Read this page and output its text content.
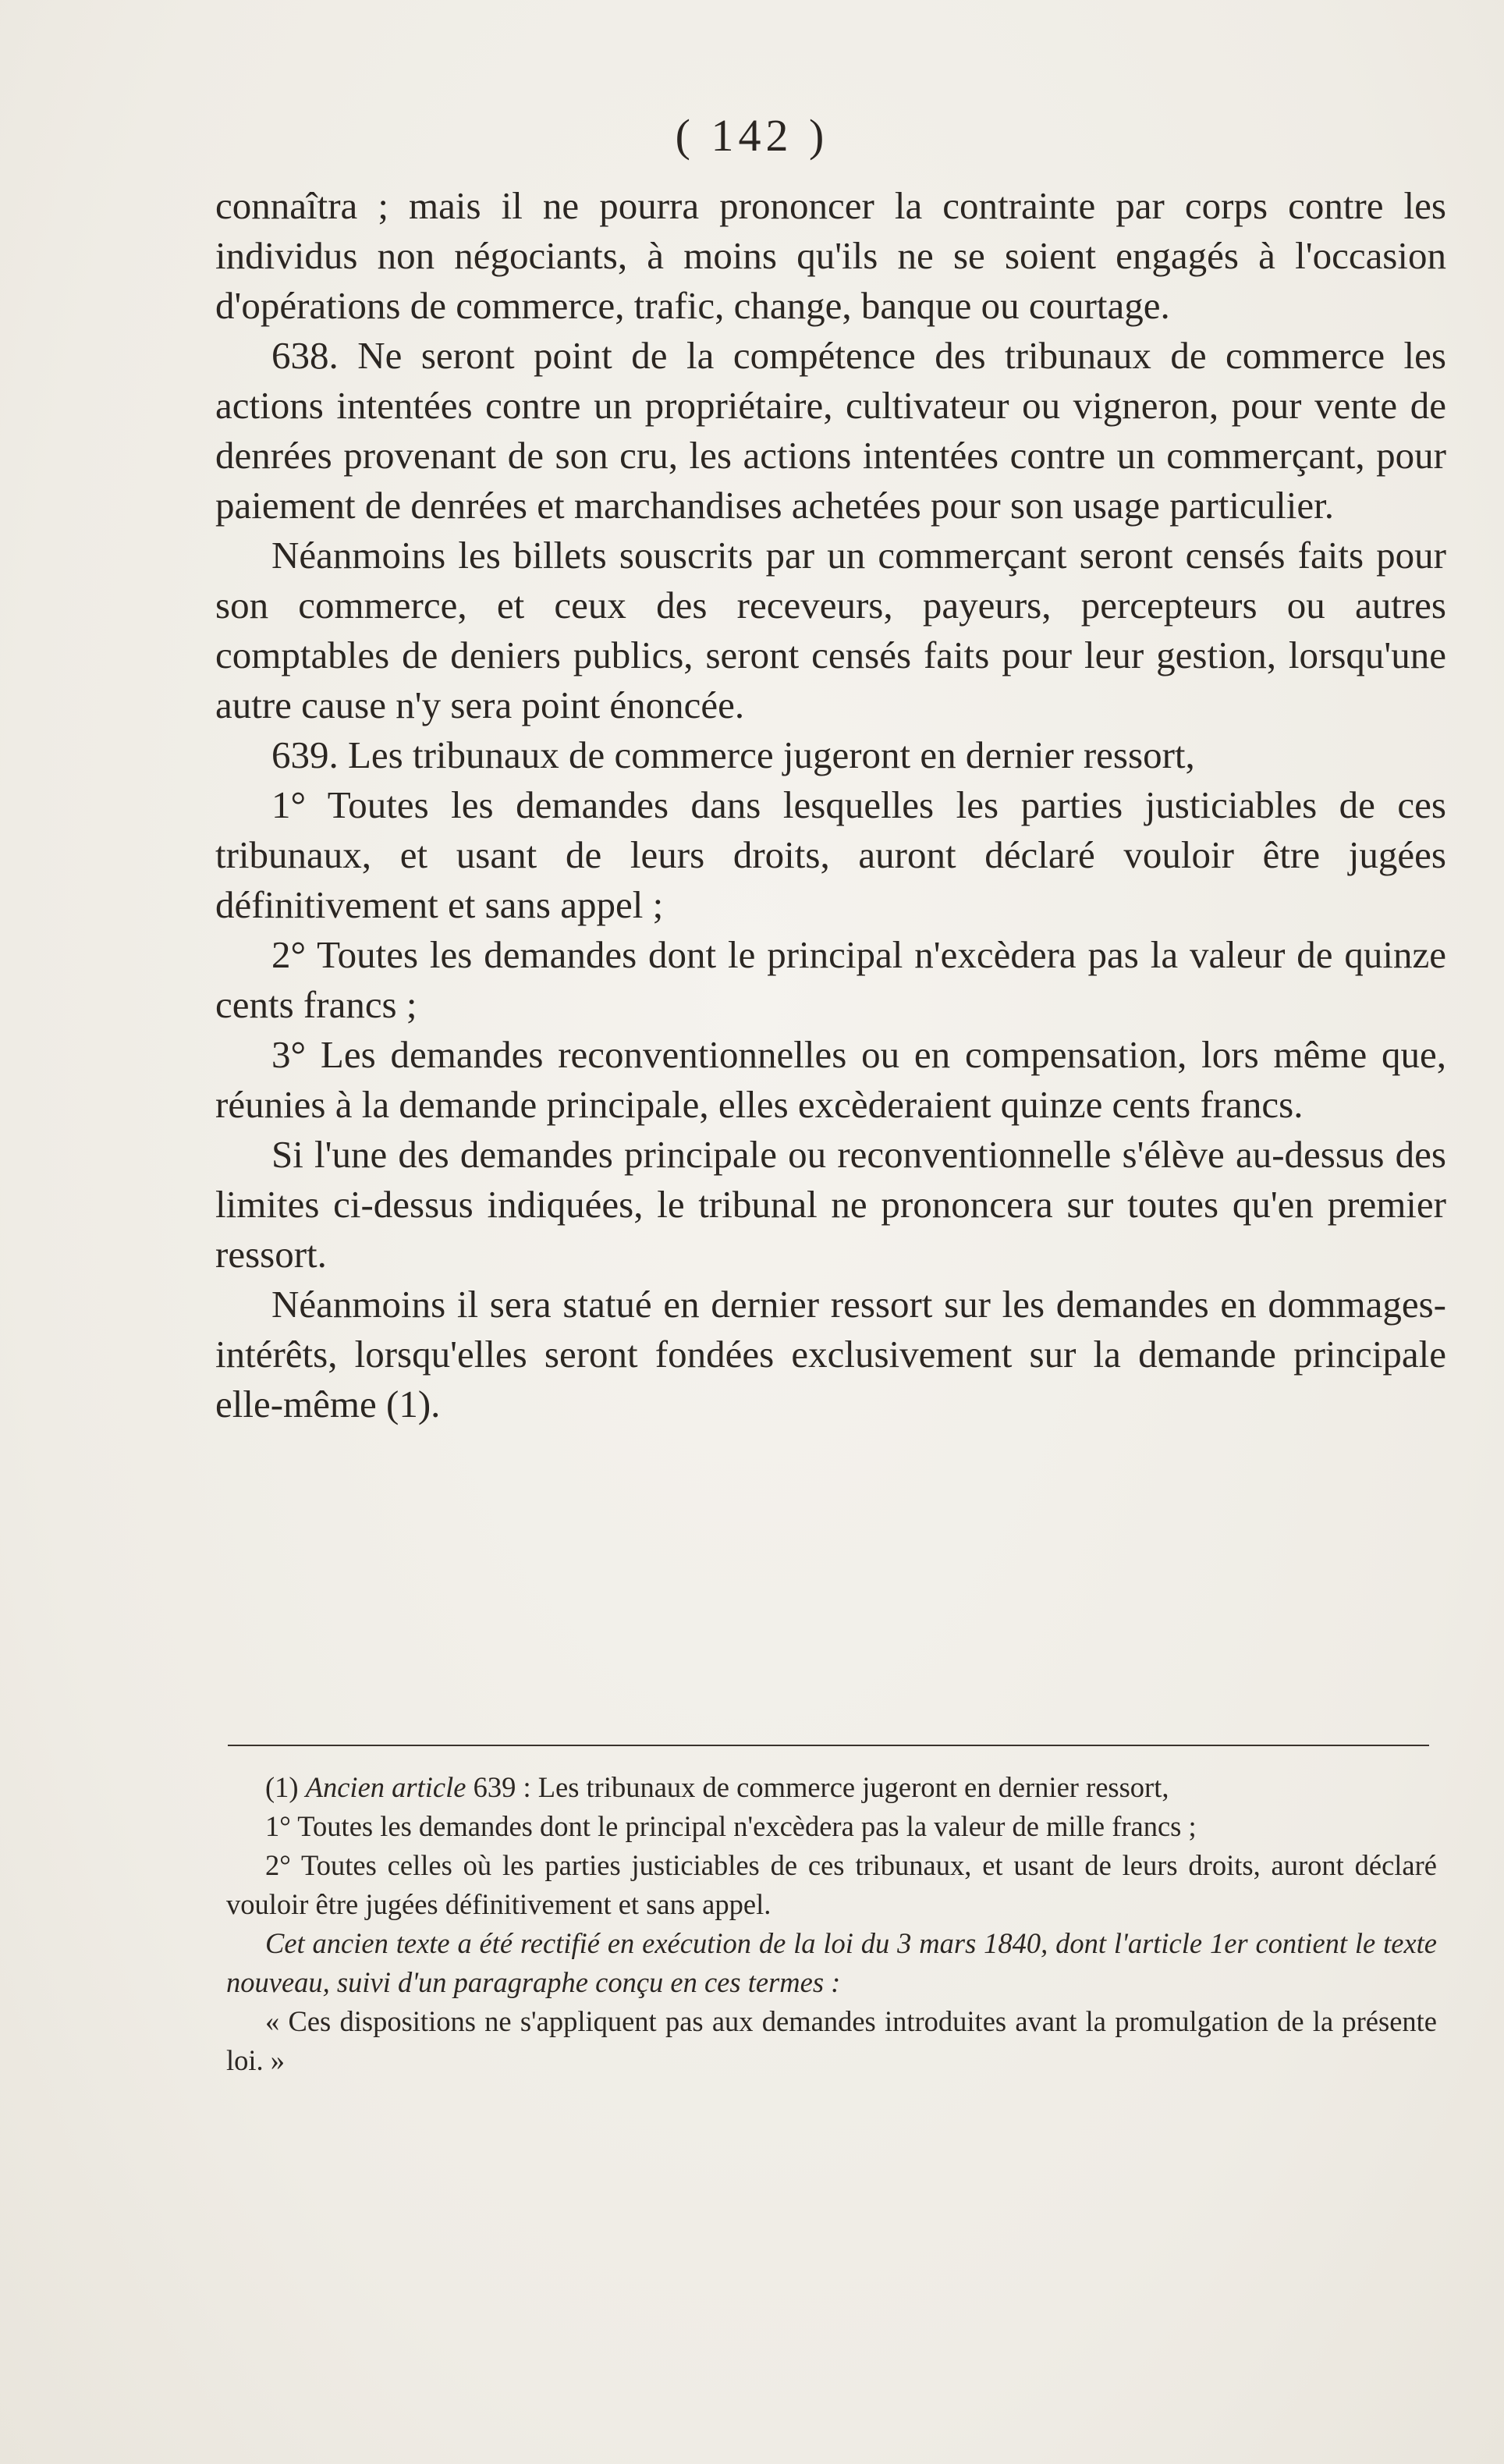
( 142 )

connaîtra ; mais il ne pourra prononcer la contrainte par corps contre les individus non négociants, à moins qu'ils ne se soient engagés à l'occasion d'opérations de commerce, trafic, change, banque ou courtage.

638. Ne seront point de la compétence des tribunaux de commerce les actions intentées contre un propriétaire, cultivateur ou vigneron, pour vente de denrées provenant de son cru, les actions intentées contre un commerçant, pour paiement de denrées et marchandises achetées pour son usage particulier.

Néanmoins les billets souscrits par un commerçant seront censés faits pour son commerce, et ceux des receveurs, payeurs, percepteurs ou autres comptables de deniers publics, seront censés faits pour leur gestion, lorsqu'une autre cause n'y sera point énoncée.

639. Les tribunaux de commerce jugeront en dernier ressort,

1° Toutes les demandes dans lesquelles les parties justiciables de ces tribunaux, et usant de leurs droits, auront déclaré vouloir être jugées définitivement et sans appel ;

2° Toutes les demandes dont le principal n'excèdera pas la valeur de quinze cents francs ;

3° Les demandes reconventionnelles ou en compensation, lors même que, réunies à la demande principale, elles excèderaient quinze cents francs.

Si l'une des demandes principale ou reconventionnelle s'élève au-dessus des limites ci-dessus indiquées, le tribunal ne prononcera sur toutes qu'en premier ressort.

Néanmoins il sera statué en dernier ressort sur les demandes en dommages-intérêts, lorsqu'elles seront fondées exclusivement sur la demande principale elle-même (1).

(1) Ancien article 639 : Les tribunaux de commerce jugeront en dernier ressort,

1° Toutes les demandes dont le principal n'excèdera pas la valeur de mille francs ;

2° Toutes celles où les parties justiciables de ces tribunaux, et usant de leurs droits, auront déclaré vouloir être jugées définitivement et sans appel.

Cet ancien texte a été rectifié en exécution de la loi du 3 mars 1840, dont l'article 1er contient le texte nouveau, suivi d'un paragraphe conçu en ces termes :

« Ces dispositions ne s'appliquent pas aux demandes introduites avant la promulgation de la présente loi. »
